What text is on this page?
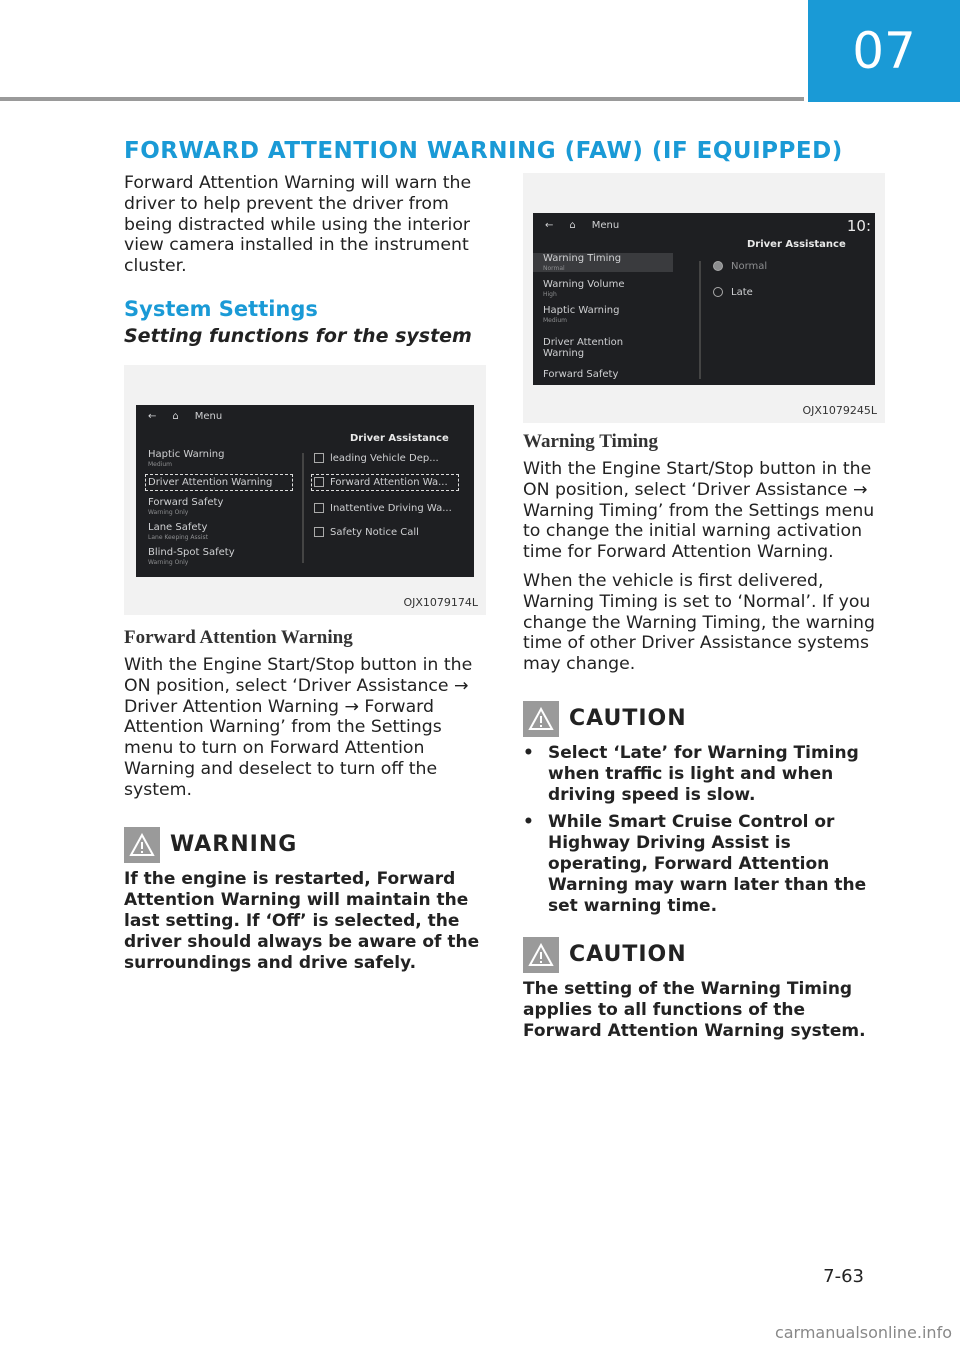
07
FORWARD ATTENTION WARNING (FAW) (IF EQUIPPED)

Forward Attention Warning will warn the driver to help prevent the driver from being distracted while using the interior view camera installed in the instrument cluster.

System Settings
Setting functions for the system
← ⌂ Menu
Driver Assistance
Haptic Warning
Medium
Driver Attention Warning
Forward Safety
Warning Only
Lane Safety
Lane Keeping Assist
Blind-Spot Safety
Warning Only
leading Vehicle Dep...
Forward Attention Wa...
Inattentive Driving Wa...
Safety Notice Call
OJX1079174L
Forward Attention Warning

With the Engine Start/Stop button in the ON position, select ‘Driver Assistance → Driver Attention Warning → Forward Attention Warning’ from the Settings menu to turn on Forward Attention Warning and deselect to turn off the system.

WARNING

If the engine is restarted, Forward Attention Warning will maintain the last setting. If ‘Off’ is selected, the driver should always be aware of the surroundings and drive safely.

← ⌂ Menu	10:
Driver Assistance
Warning Timing
Normal
Warning Volume
High
Haptic Warning
Medium
Driver Attention Warning
Forward Safety
Normal
Late
OJX1079245L
Warning Timing

With the Engine Start/Stop button in the ON position, select ‘Driver Assistance → Warning Timing’ from the Settings menu to change the initial warning activation time for Forward Attention Warning.

When the vehicle is first delivered, Warning Timing is set to ‘Normal’. If you change the Warning Timing, the warning time of other Driver Assistance systems may change.

CAUTION
• Select ‘Late’ for Warning Timing when traffic is light and when driving speed is slow.
• While Smart Cruise Control or Highway Driving Assist is operating, Forward Attention Warning may warn later than the set warning time.
CAUTION

The setting of the Warning Timing applies to all functions of the Forward Attention Warning system.

7-63
carmanualsonline.info
